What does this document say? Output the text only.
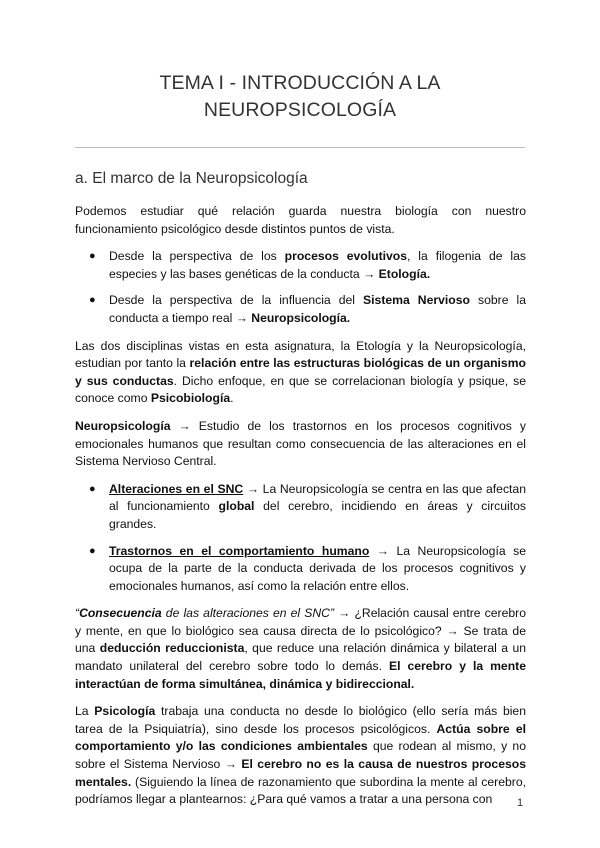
TEMA I - INTRODUCCIÓN A LA
NEUROPSICOLOGÍA
a. El marco de la Neuropsicología

Podemos estudiar qué relación guarda nuestra biología con nuestro funcionamiento psicológico desde distintos puntos de vista.

● Desde la perspectiva de los procesos evolutivos, la filogenia de las especies y las bases genéticas de la conducta → Etología.
● Desde la perspectiva de la influencia del Sistema Nervioso sobre la conducta a tiempo real → Neuropsicología.

Las dos disciplinas vistas en esta asignatura, la Etología y la Neuropsicología, estudian por tanto la relación entre las estructuras biológicas de un organismo y sus conductas. Dicho enfoque, en que se correlacionan biología y psique, se conoce como Psicobiología.

Neuropsicología → Estudio de los trastornos en los procesos cognitivos y emocionales humanos que resultan como consecuencia de las alteraciones en el Sistema Nervioso Central.

● Alteraciones en el SNC → La Neuropsicología se centra en las que afectan al funcionamiento global del cerebro, incidiendo en áreas y circuitos grandes.
● Trastornos en el comportamiento humano → La Neuropsicología se ocupa de la parte de la conducta derivada de los procesos cognitivos y emocionales humanos, así como la relación entre ellos.

“Consecuencia de las alteraciones en el SNC” → ¿Relación causal entre cerebro y mente, en que lo biológico sea causa directa de lo psicológico? → Se trata de una deducción reduccionista, que reduce una relación dinámica y bilateral a un mandato unilateral del cerebro sobre todo lo demás. El cerebro y la mente interactúan de forma simultánea, dinámica y bidireccional.

La Psicología trabaja una conducta no desde lo biológico (ello sería más bien tarea de la Psiquiatría), sino desde los procesos psicológicos. Actúa sobre el comportamiento y/o las condiciones ambientales que rodean al mismo, y no sobre el Sistema Nervioso → El cerebro no es la causa de nuestros procesos mentales. (Siguiendo la línea de razonamiento que subordina la mente al cerebro, podríamos llegar a plantearnos: ¿Para qué vamos a tratar a una persona con	1
